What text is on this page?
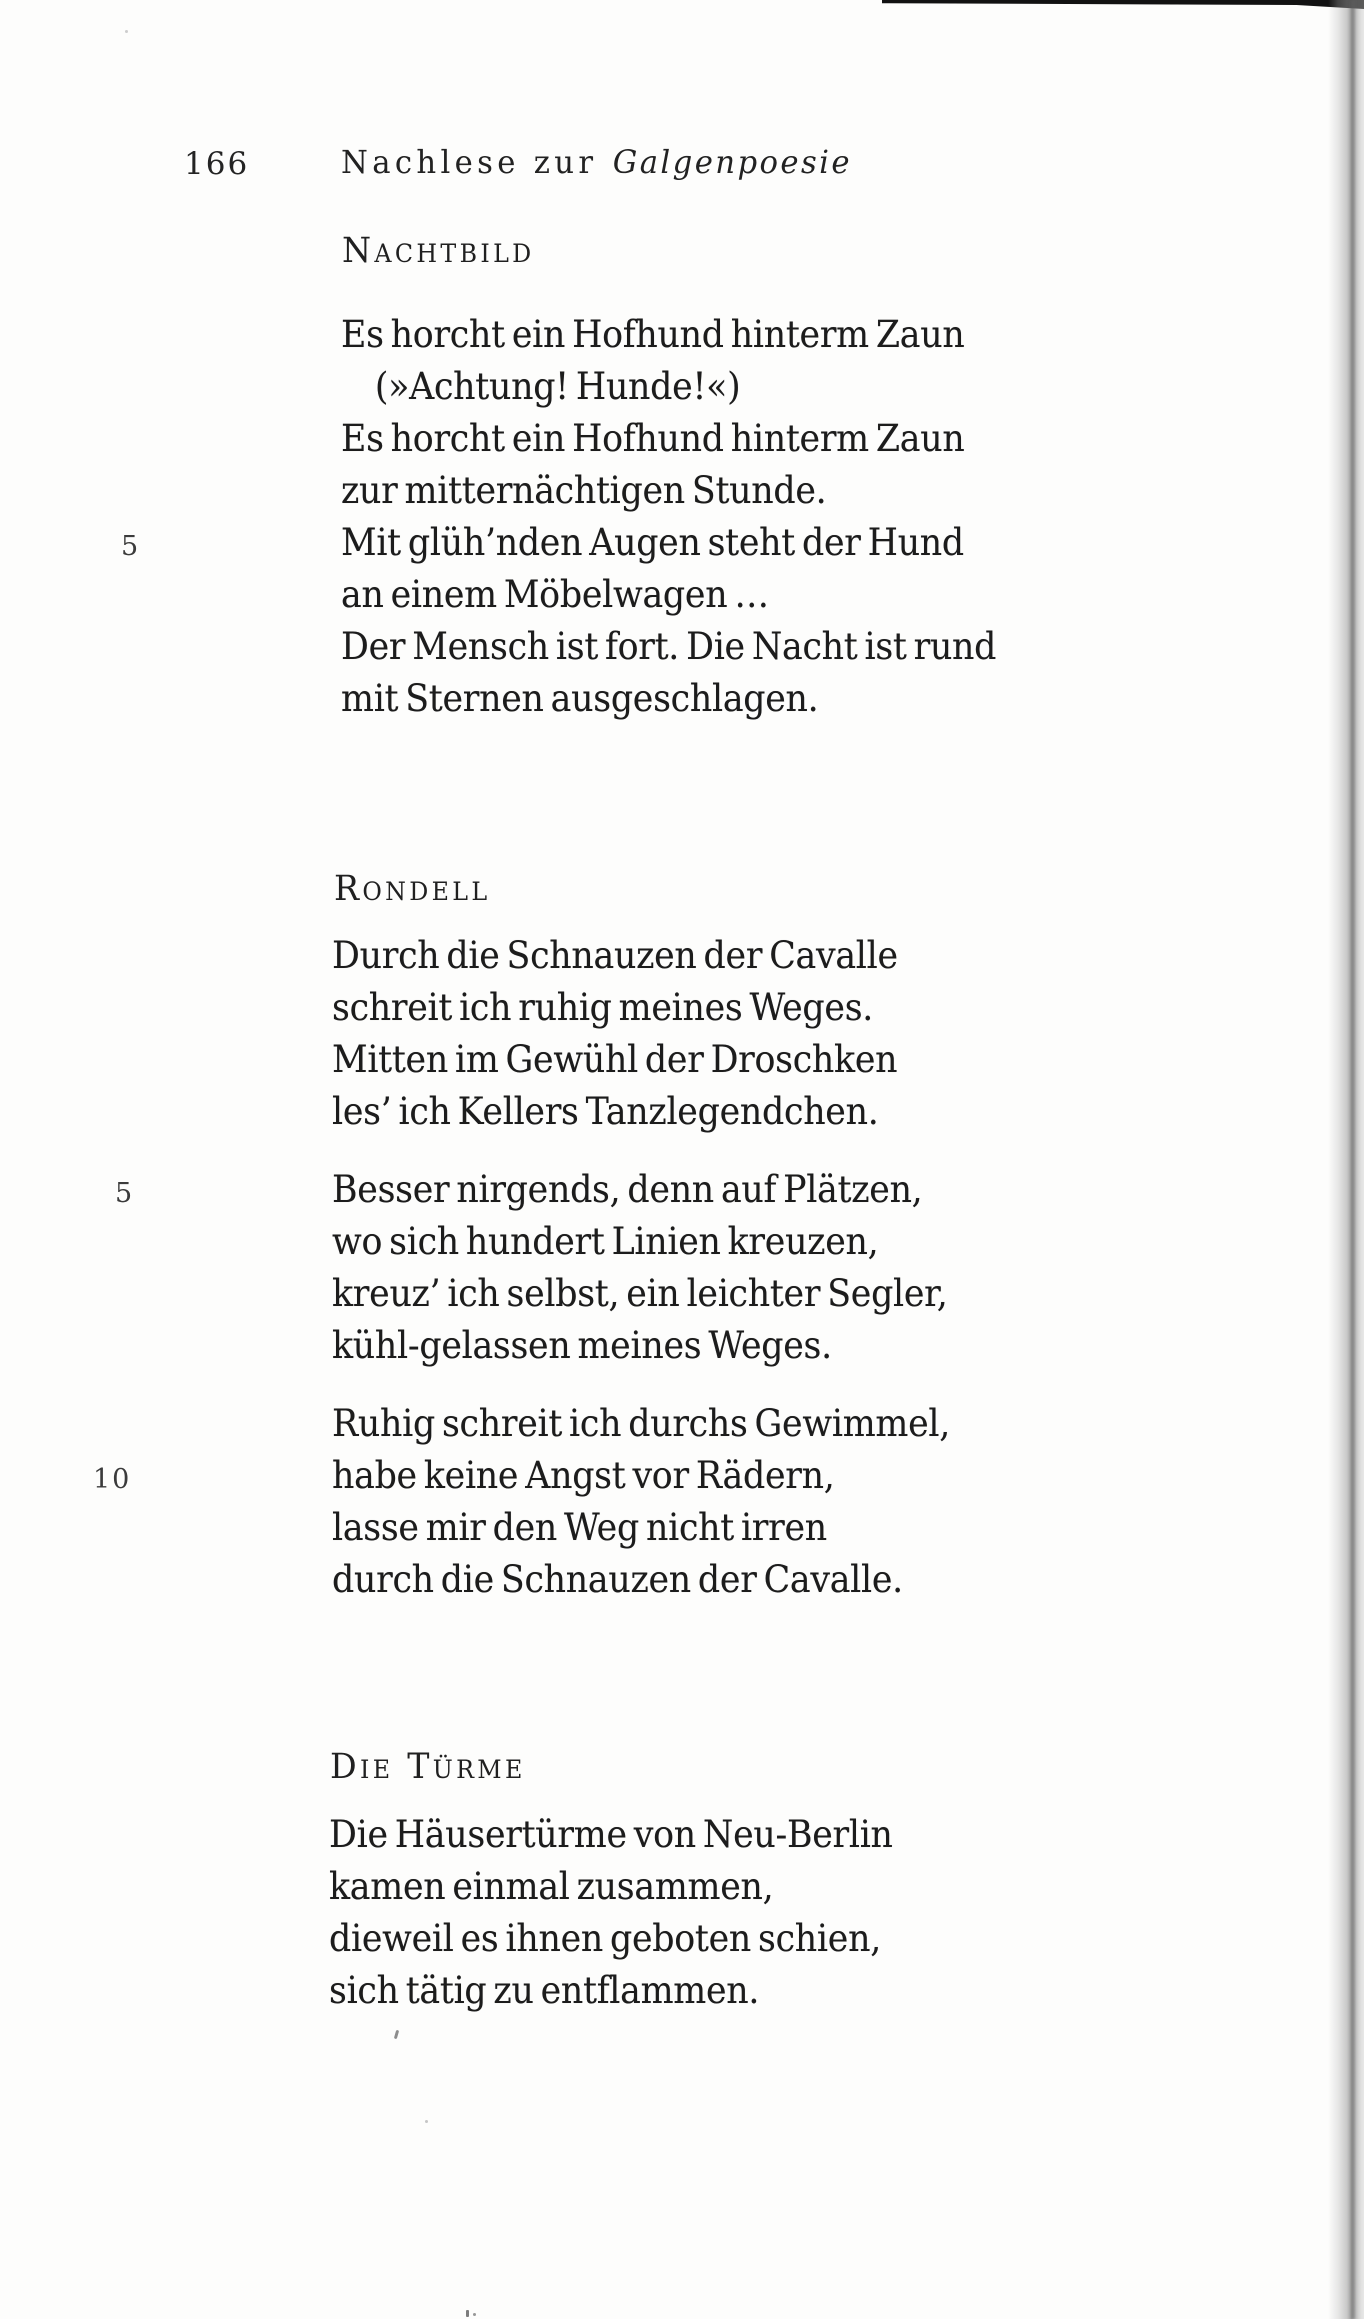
166	Nachlese zur Galgenpoesie
5
5
10
Nachtbild
Es horcht ein Hofhund hinterm Zaun
(»Achtung! Hunde!«)
Es horcht ein Hofhund hinterm Zaun
zur mitternächtigen Stunde.
Mit glüh’nden Augen steht der Hund
an einem Möbelwagen …
Der Mensch ist fort. Die Nacht ist rund
mit Sternen ausgeschlagen.
Rondell
Durch die Schnauzen der Cavalle
schreit ich ruhig meines Weges.
Mitten im Gewühl der Droschken
les’ ich Kellers Tanzlegendchen.
Besser nirgends, denn auf Plätzen,
wo sich hundert Linien kreuzen,
kreuz’ ich selbst, ein leichter Segler,
kühl-gelassen meines Weges.
Ruhig schreit ich durchs Gewimmel,
habe keine Angst vor Rädern,
lasse mir den Weg nicht irren
durch die Schnauzen der Cavalle.
Die Türme
Die Häusertürme von Neu-Berlin
kamen einmal zusammen,
dieweil es ihnen geboten schien,
sich tätig zu entflammen.
